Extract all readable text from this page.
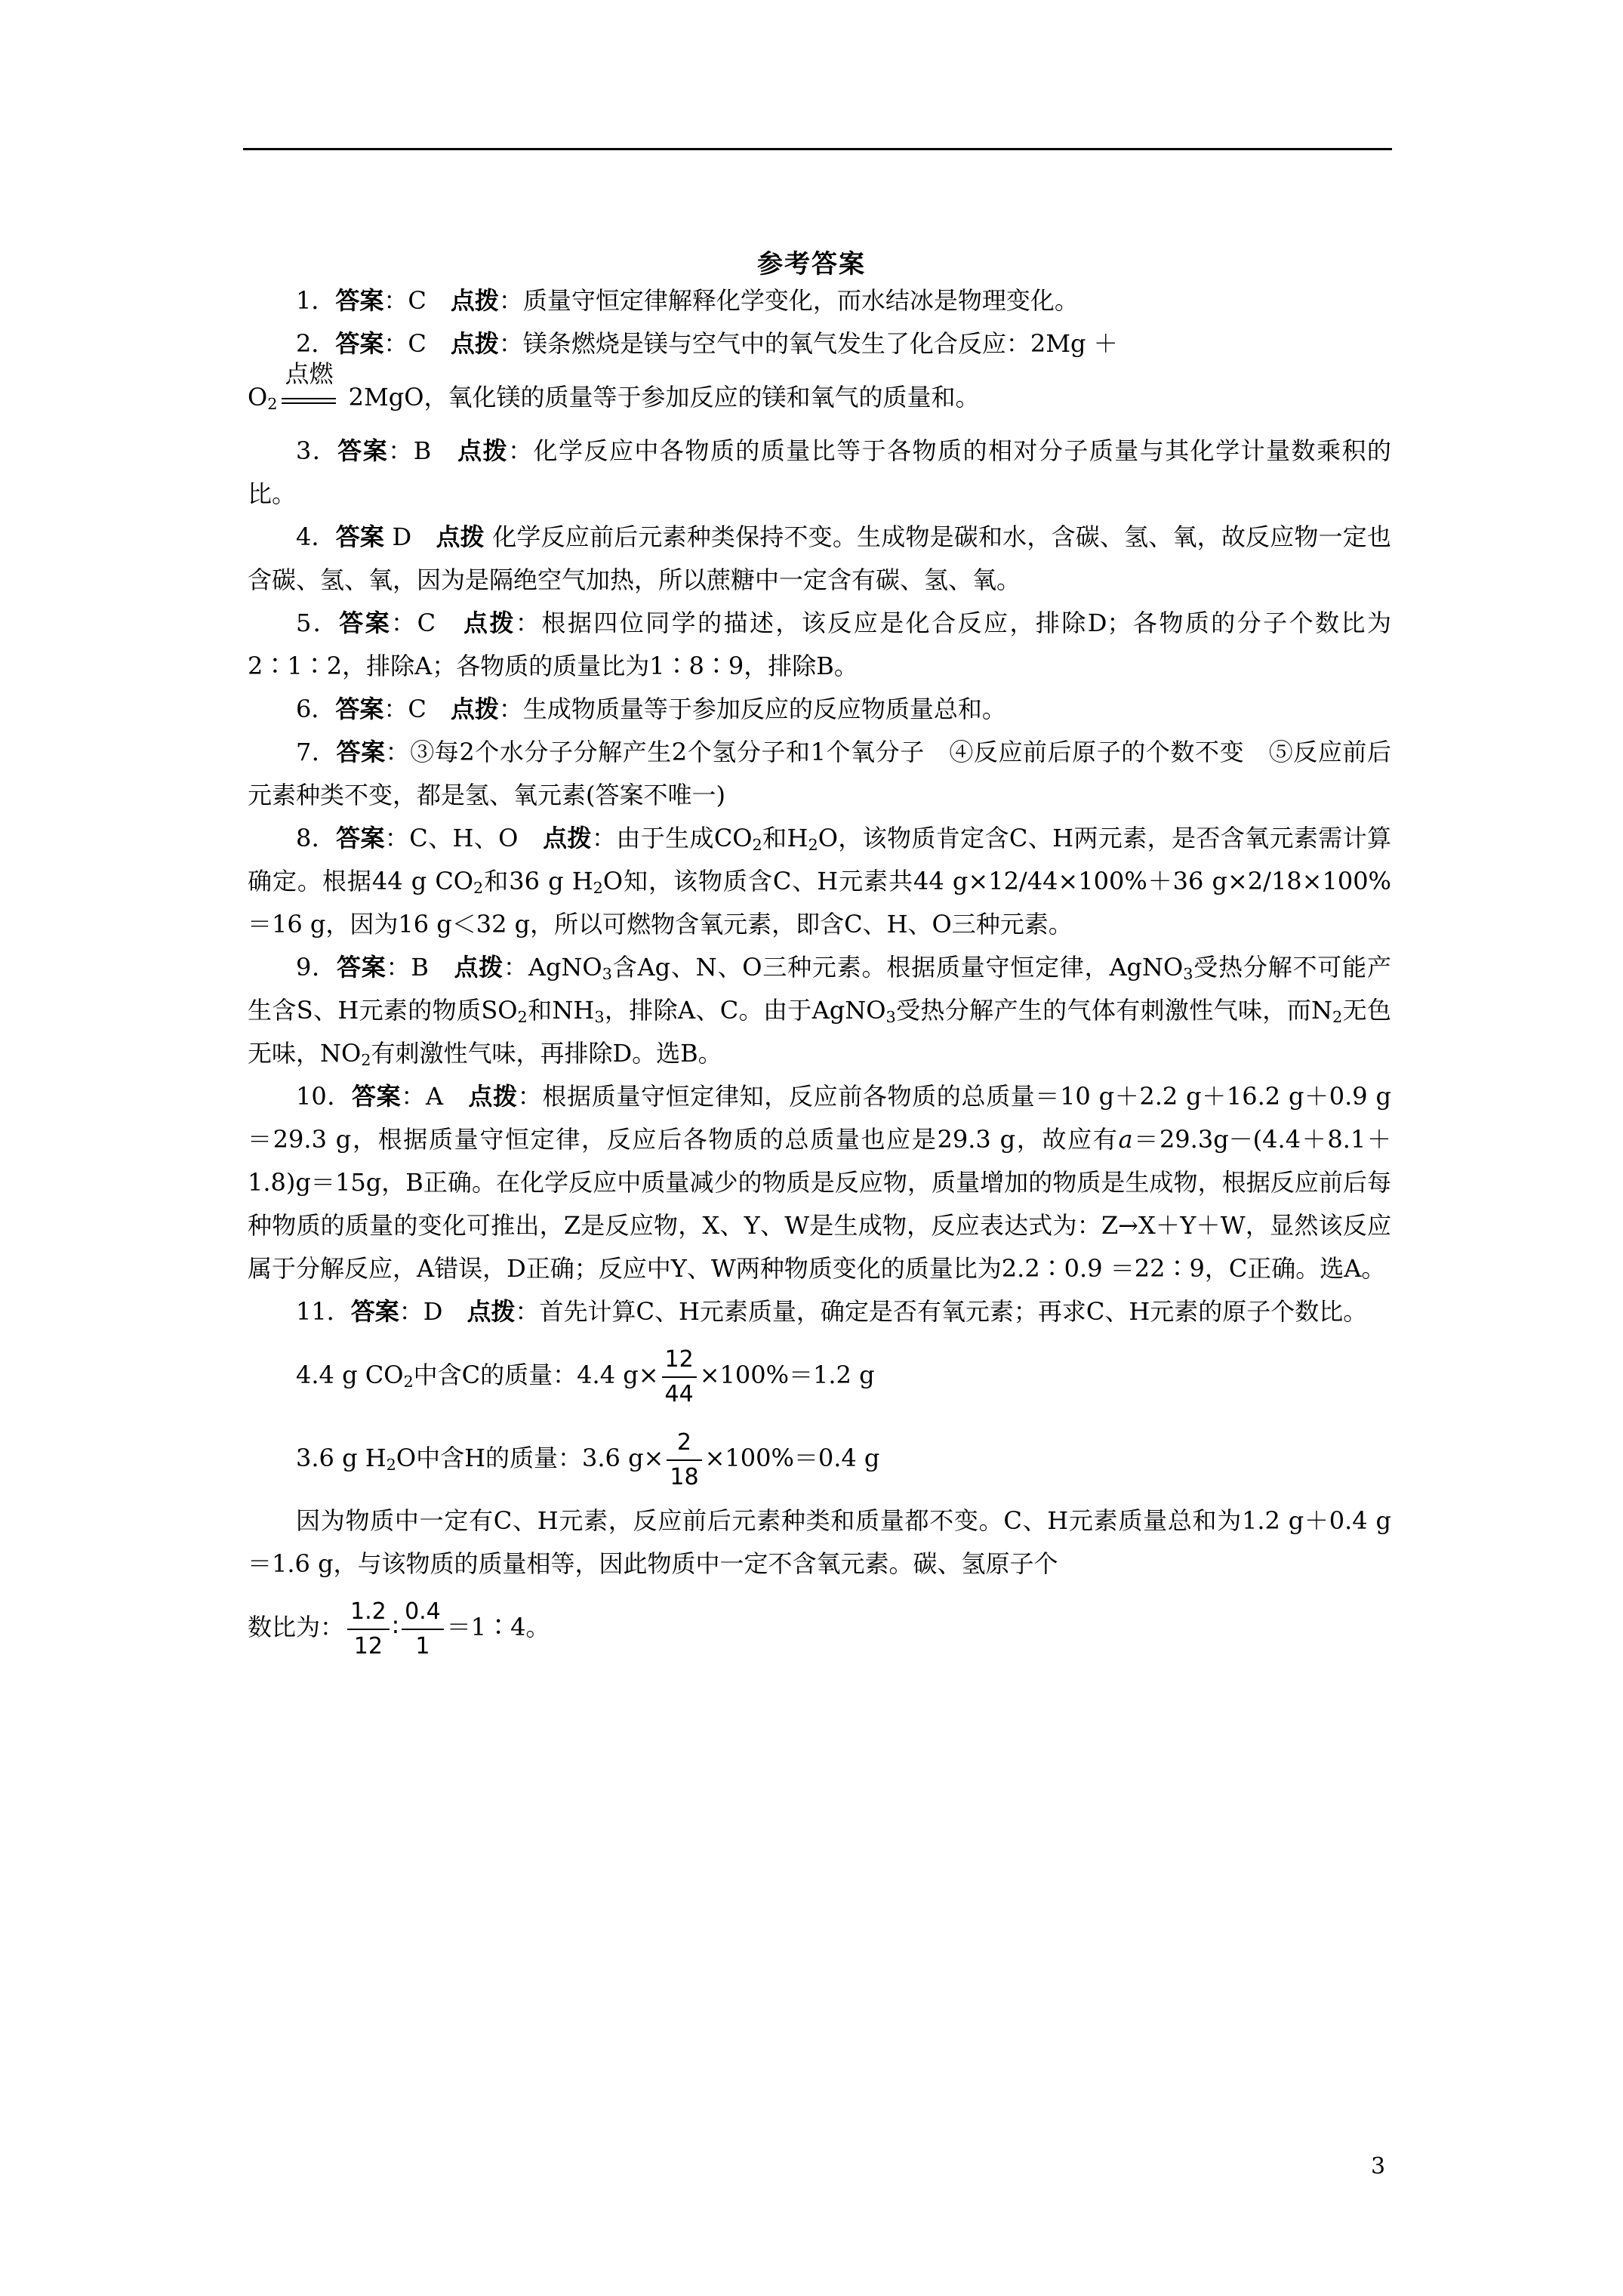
参考答案

1．答案：C　 点拨：质量守恒定律解释化学变化，而水结冰是物理变化。

2．答案：C　 点拨：镁条燃烧是镁与空气中的氧气发生了化合反应：2Mg ＋

$O_2$
点燃
2MgO，氧化镁的质量等于参加反应的镁和氧气的质量和。

3．答案：B　 点拨：化学反应中各物质的质量比等于各物质的相对分子质量与其化学计量数乘积的比。

4．答案 D　 点拨 化学反应前后元素种类保持不变。生成物是碳和水，含碳、氢、氧，故反应物一定也含碳、氢、氧，因为是隔绝空气加热，所以蔗糖中一定含有碳、氢、氧。

5．答案：C　 点拨：根据四位同学的描述，该反应是化合反应，排除D；各物质的分子个数比为2∶1∶2，排除A；各物质的质量比为1∶8∶9，排除B。

6．答案：C　 点拨：生成物质量等于参加反应的反应物质量总和。

7．答案：③每2个水分子分解产生2个氢分子和1个氧分子　④反应前后原子的个数不变　⑤反应前后元素种类不变，都是氢、氧元素(答案不唯一)

8．答案：C、H、O　 点拨：由于生成$CO_2$和$H_2O$，该物质肯定含C、H两元素，是否含氧元素需计算确定。根据44 g $CO_2$和36 g $H_2O$知，该物质含C、H元素共44 g×12/44×100%＋36 g×2/18×100%＝16 g，因为16 g＜32 g，所以可燃物含氧元素，即含C、H、O三种元素。

9．答案：B　 点拨：AgNO$_3$含Ag、N、O三种元素。根据质量守恒定律，AgNO$_3$受热分解不可能产生含S、H元素的物质$SO_2$和$NH_3$，排除A、C。由于AgNO$_3$受热分解产生的气体有刺激性气味，而$N_2$无色无味，$NO_2$有刺激性气味，再排除D。选B。

10．答案：A　 点拨：根据质量守恒定律知，反应前各物质的总质量＝10 g＋2.2 g＋16.2 g＋0.9 g＝29.3 g，根据质量守恒定律，反应后各物质的总质量也应是29.3 g，故应有a＝29.3g－(4.4＋8.1＋1.8)g＝15g，B正确。在化学反应中质量减少的物质是反应物，质量增加的物质是生成物，根据反应前后每种物质的质量的变化可推出，Z是反应物，X、Y、W是生成物，反应表达式为：Z→X＋Y＋W，显然该反应属于分解反应，A错误，D正确；反应中Y、W两种物质变化的质量比为2.2∶0.9 ＝22∶9，C正确。选A。

11．答案：D　 点拨：首先计算C、H元素质量，确定是否有氧元素；再求C、H元素的原子个数比。

4.4 g $CO_2$中含C的质量：4.4 $g\times \frac{12}{44} \times 100\%=1.2$ g

3.6 g $H_2O$中含H的质量：3.6 $g\times \frac{2}{18} \times 100\%=0.4$ g

因为物质中一定有C、H元素，反应前后元素种类和质量都不变。C、H元素质量总和为1.2 g＋0.4 g＝1.6 g，与该物质的质量相等，因此物质中一定不含氧元素。碳、氢原子个

数比为： $\frac{1.2}{12}$ ∶ $\frac{0.4}{1}$ ＝1∶4。

3
